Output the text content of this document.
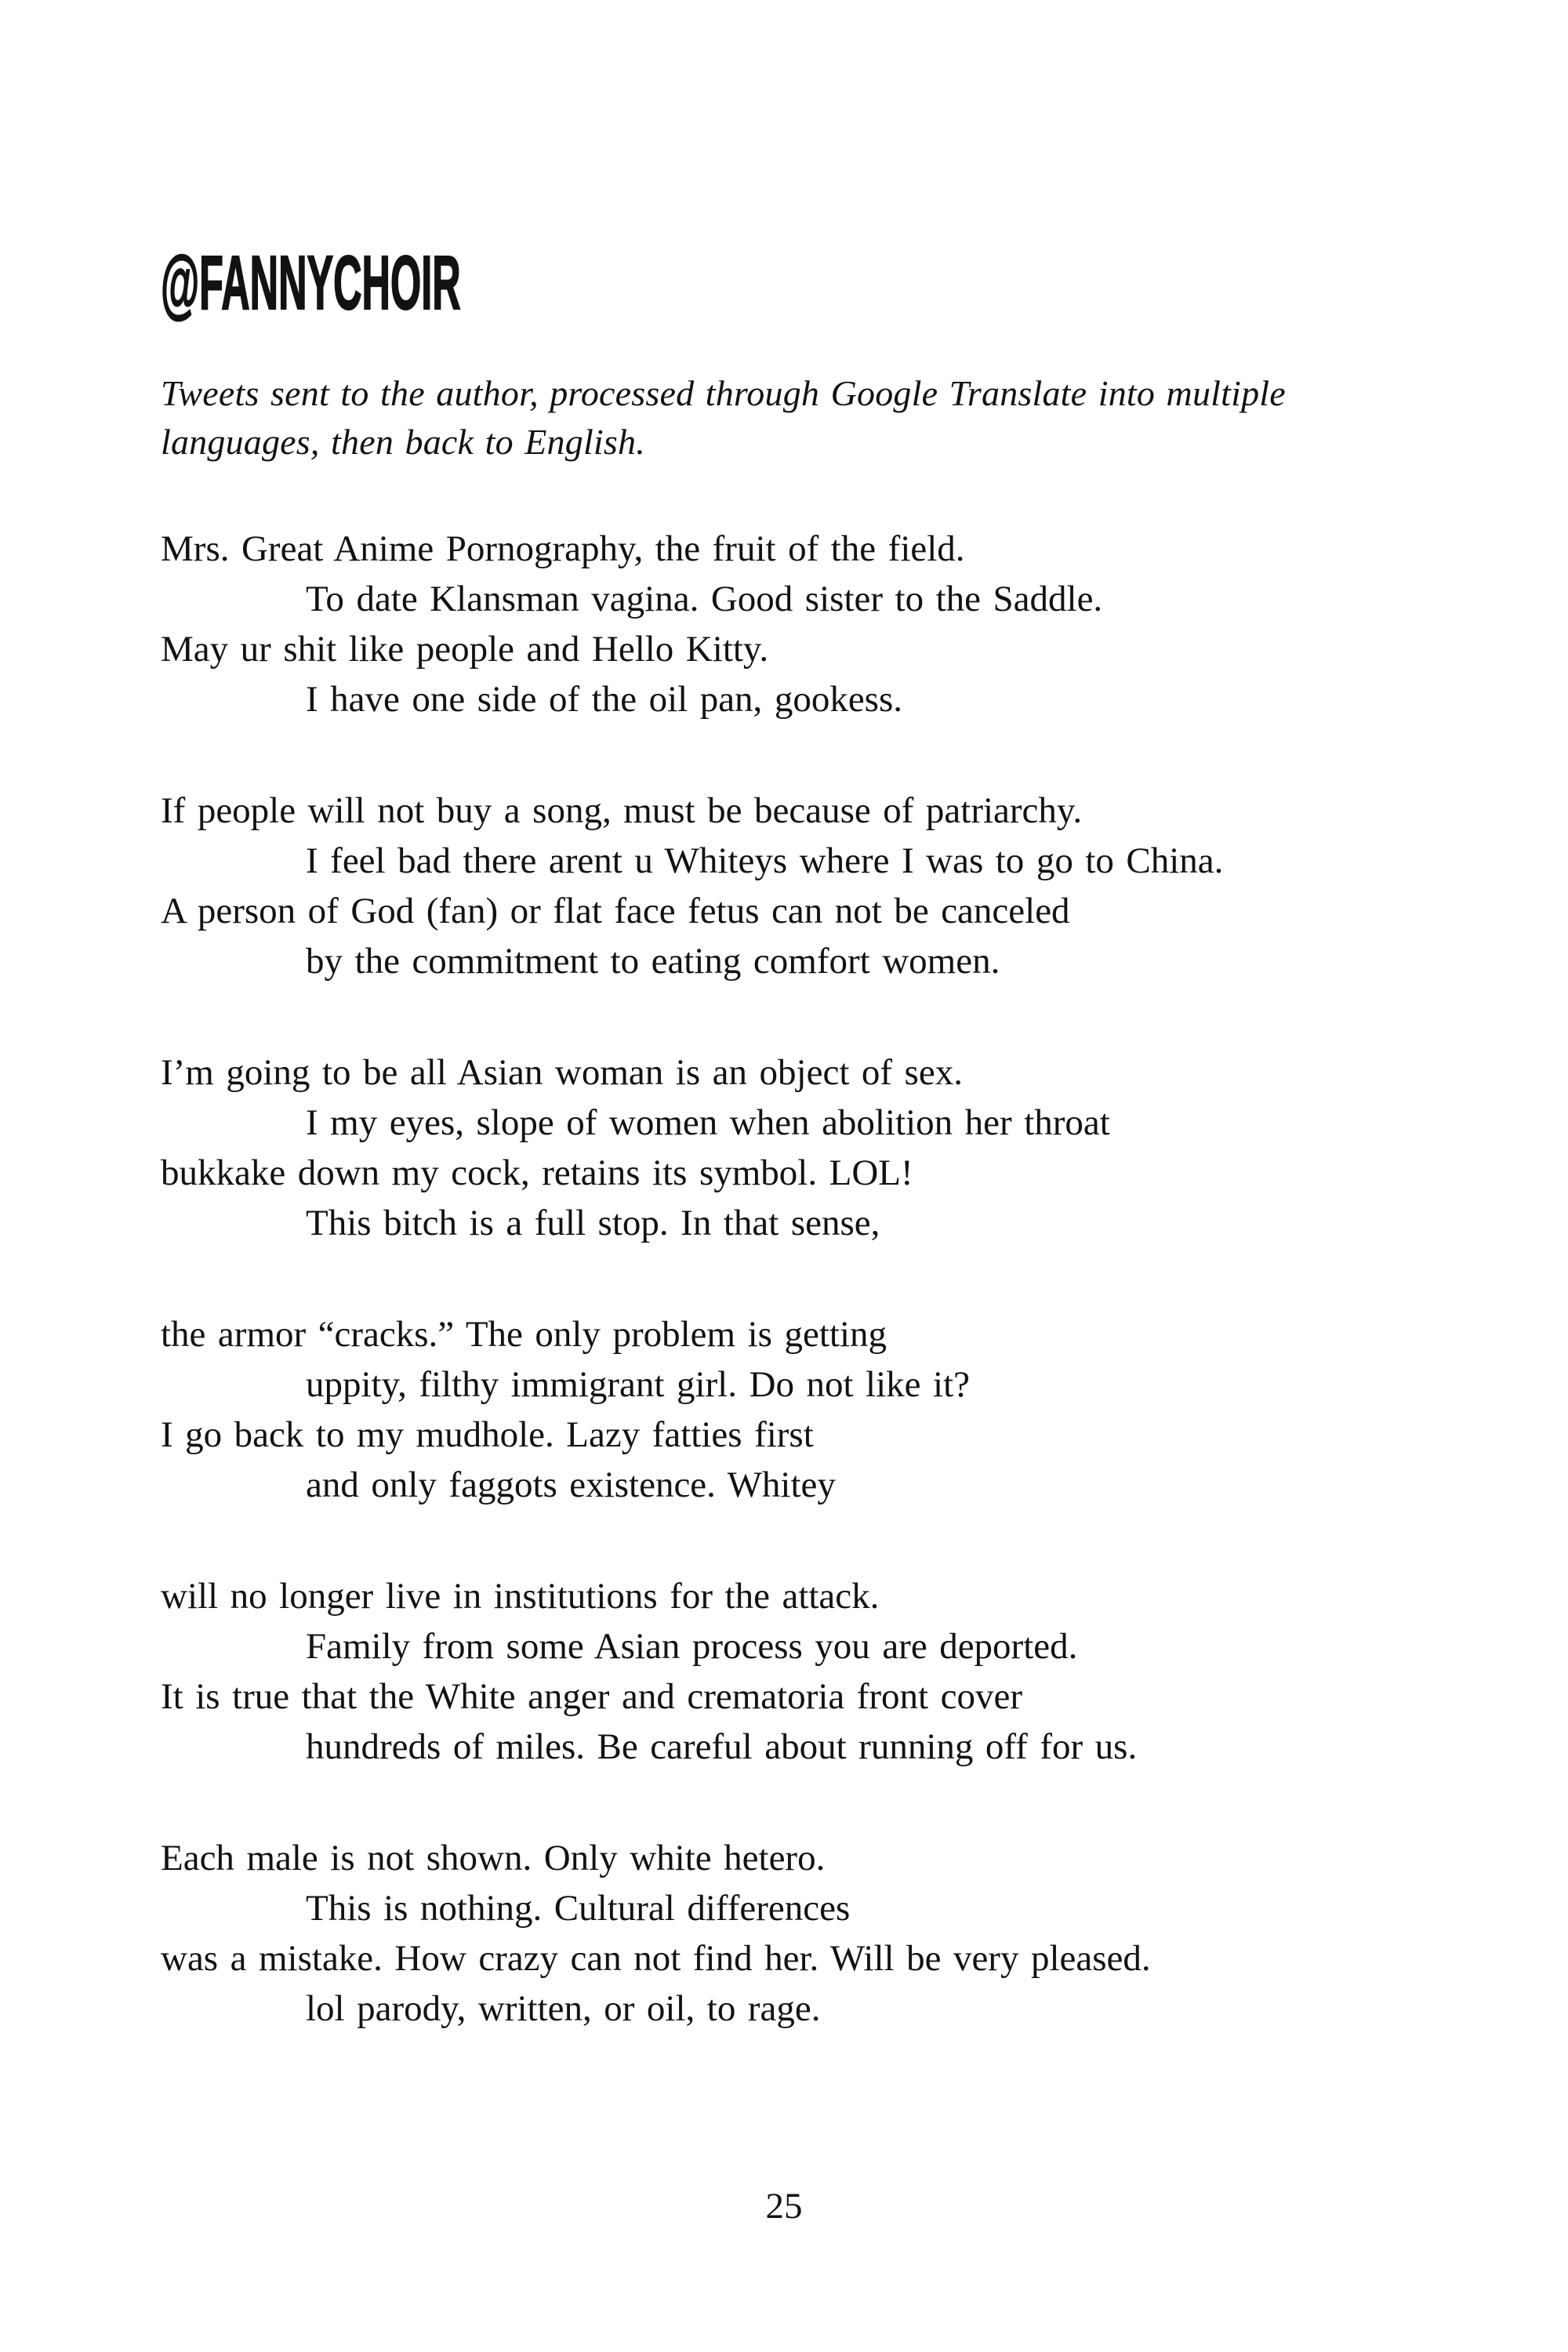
@FANNYCHOIR
Tweets sent to the author, processed through Google Translate into multiple
languages, then back to English.
Mrs. Great Anime Pornography, the fruit of the field.
To date Klansman vagina. Good sister to the Saddle.
May ur shit like people and Hello Kitty.
I have one side of the oil pan, gookess.
If people will not buy a song, must be because of patriarchy.
I feel bad there arent u Whiteys where I was to go to China.
A person of God (fan) or flat face fetus can not be canceled
by the commitment to eating comfort women.
I’m going to be all Asian woman is an object of sex.
I my eyes, slope of women when abolition her throat
bukkake down my cock, retains its symbol. LOL!
This bitch is a full stop. In that sense,
the armor “cracks.” The only problem is getting
uppity, filthy immigrant girl. Do not like it?
I go back to my mudhole. Lazy fatties first
and only faggots existence. Whitey
will no longer live in institutions for the attack.
Family from some Asian process you are deported.
It is true that the White anger and crematoria front cover
hundreds of miles. Be careful about running off for us.
Each male is not shown. Only white hetero.
This is nothing. Cultural differences
was a mistake. How crazy can not find her. Will be very pleased.
lol parody, written, or oil, to rage.
25
